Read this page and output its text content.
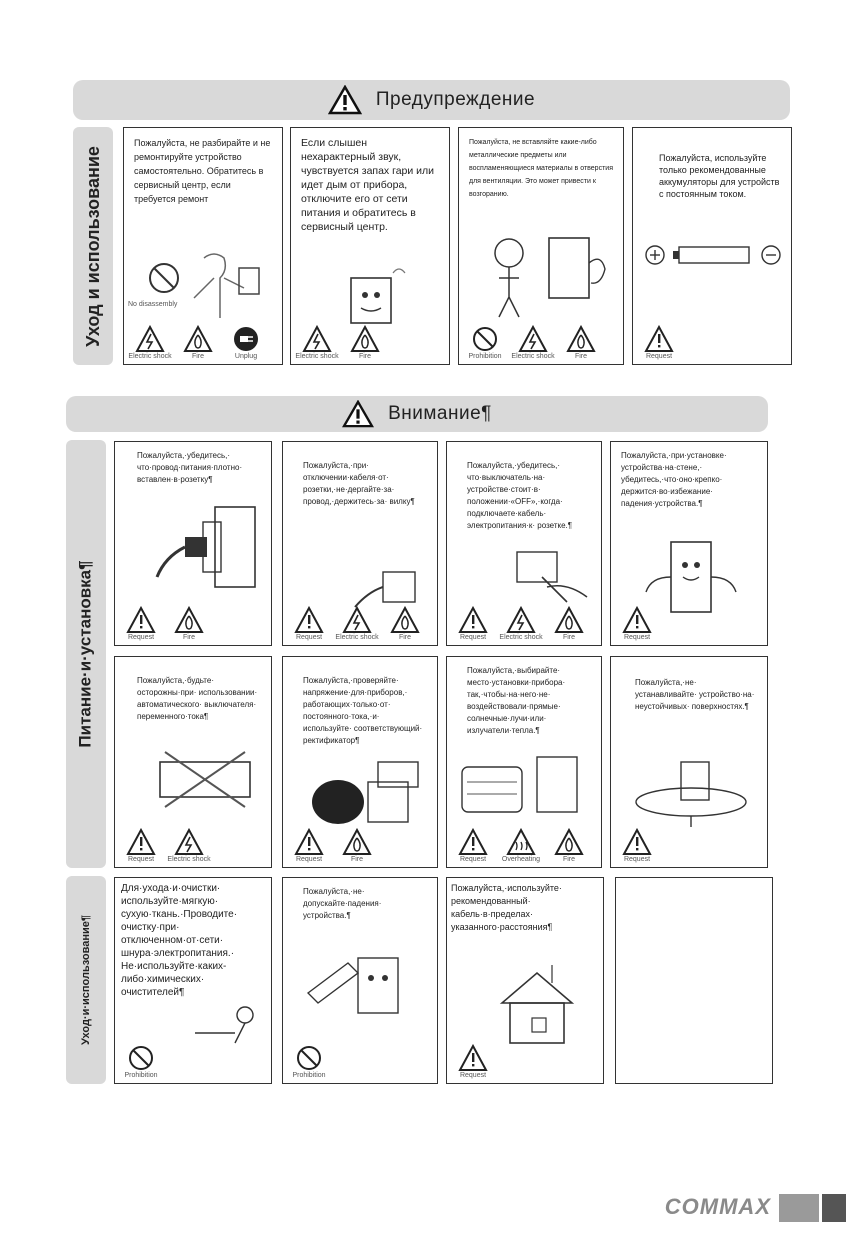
Предупреждение
Уход и использование
Пожалуйста, не разбирайте и не ремонтируйте устройство самостоятельно. Обратитесь в сервисный центр, если требуется ремонт
No disassembly
Electric shock	Fire	Unplug
Если слышен нехарактерный звук, чувствуется запах гари или идет дым от прибора, отключите его от сети питания и обратитесь в сервисный центр.
Electric shock	Fire
Пожалуйста, не вставляйте какие-либо металлические предметы или воспламеняющиеся материалы в отверстия для вентиляции. Это может привести к возгоранию.
Prohibition Electric shock	Fire
Пожалуйста, используйте только рекомендованные аккумуляторы для устройств с постоянным током.
Request
Внимание¶
Питание·и·установка¶
Уход·и·использование¶
Пожалуйста,·убедитесь,· что·провод·питания·плотно· вставлен·в·розетку¶
Request	Fire
Пожалуйста,·при· отключении·кабеля·от· розетки,·не·дергайте·за· провод,·держитесь·за· вилку¶
Request Electric shock	Fire
Пожалуйста,·убедитесь,· что·выключатель·на· устройстве·стоит·в· положении·«OFF»,·когда· подключаете·кабель· электропитания·к· розетке.¶
Request Electric shock	Fire
Пожалуйста,·при·установке· устройства·на·стене,· убедитесь,·что·оно·крепко· держится·во·избежание· падения·устройства.¶
Request
Пожалуйста,·будьте· осторожны·при· использовании· автоматического· выключателя· переменного·тока¶
Request Electric shock
Пожалуйста,·проверяйте· напряжение·для·приборов,· работающих·только·от· постоянного·тока,·и· используйте· соответствующий· ректификатор¶
Request	Fire
Пожалуйста,·выбирайте· место·установки·прибора· так,·чтобы·на·него·не· воздействовали·прямые· солнечные·лучи·или· излучатели·тепла.¶
Request Overheating	Fire
Пожалуйста,·не· устанавливайте· устройство·на· неустойчивых· поверхностях.¶
Request
Для·ухода·и·очистки· используйте·мягкую· сухую·ткань.·Проводите· очистку·при· отключенном·от·сети· шнура·электропитания.· Не·используйте·каких-либо·химических· очистителей¶
Prohibition
Пожалуйста,·не· допускайте·падения· устройства.¶
Prohibition
Пожалуйста,·используйте· рекомендованный· кабель·в·пределах· указанного·расстояния¶
Request
COMMAX
